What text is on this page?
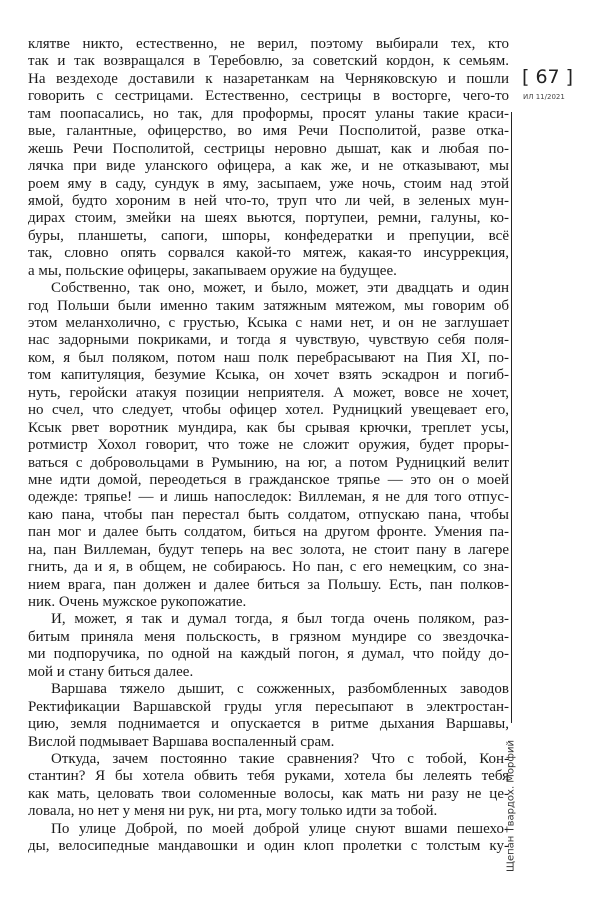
клятве никто, естественно, не верил, поэтому выбирали тех, кто
так и так возвращался в Теребовлю, за советский кордон, к семьям.
На вездеходе доставили к назаретанкам на Черняковскую и пошли
говорить с сестрицами. Естественно, сестрицы в восторге, чего-то
там поопасались, но так, для проформы, просят уланы такие краси-
вые, галантные, офицерство, во имя Речи Посполитой, разве отка-
жешь Речи Посполитой, сестрицы неровно дышат, как и любая по-
лячка при виде уланского офицера, а как же, и не отказывают, мы
роем яму в саду, сундук в яму, засыпаем, уже ночь, стоим над этой
ямой, будто хороним в ней что-то, труп что ли чей, в зеленых мун-
дирах стоим, змейки на шеях вьются, портупеи, ремни, галуны, ко-
буры, планшеты, сапоги, шпоры, конфедератки и препуции, всё
так, словно опять сорвался какой-то мятеж, какая-то инсуррекция,
а мы, польские офицеры, закапываем оружие на будущее.
Собственно, так оно, может, и было, может, эти двадцать и один
год Польши были именно таким затяжным мятежом, мы говорим об
этом меланхолично, с грустью, Ксыка с нами нет, и он не заглушает
нас задорными покриками, и тогда я чувствую, чувствую себя поля-
ком, я был поляком, потом наш полк перебрасывают на Пия XI, по-
том капитуляция, безумие Ксыка, он хочет взять эскадрон и погиб-
нуть, геройски атакуя позиции неприятеля. А может, вовсе не хочет,
но счел, что следует, чтобы офицер хотел. Рудницкий увещевает его,
Ксык рвет воротник мундира, как бы срывая крючки, треплет усы,
ротмистр Хохол говорит, что тоже не сложит оружия, будет проры-
ваться с добровольцами в Румынию, на юг, а потом Рудницкий велит
мне идти домой, переодеться в гражданское тряпье — это он о моей
одежде: тряпье! — и лишь напоследок: Виллеман, я не для того отпус-
каю пана, чтобы пан перестал быть солдатом, отпускаю пана, чтобы
пан мог и далее быть солдатом, биться на другом фронте. Умения па-
на, пан Виллеман, будут теперь на вес золота, не стоит пану в лагере
гнить, да и я, в общем, не собираюсь. Но пан, с его немецким, со зна-
нием врага, пан должен и далее биться за Польшу. Есть, пан полков-
ник. Очень мужское рукопожатие.
И, может, я так и думал тогда, я был тогда очень поляком, раз-
битым приняла меня польскость, в грязном мундире со звездочка-
ми подпоручика, по одной на каждый погон, я думал, что пойду до-
мой и стану биться далее.
Варшава тяжело дышит, с сожженных, разбомбленных заводов
Ректификации Варшавской груды угля пересыпают в электростан-
цию, земля поднимается и опускается в ритме дыхания Варшавы,
Вислой подмывает Варшава воспаленный срам.
Откуда, зачем постоянно такие сравнения? Что с тобой, Кон-
стантин? Я бы хотела обвить тебя руками, хотела бы лелеять тебя
как мать, целовать твои соломенные волосы, как мать ни разу не це-
ловала, но нет у меня ни рук, ни рта, могу только идти за тобой.
По улице Доброй, по моей доброй улице снуют вшами пешехо-
ды, велосипедные мандавошки и один клоп пролетки с толстым ку-
[ 67 ]
ИЛ 11/2021
Щепан Твардох. Морфий
